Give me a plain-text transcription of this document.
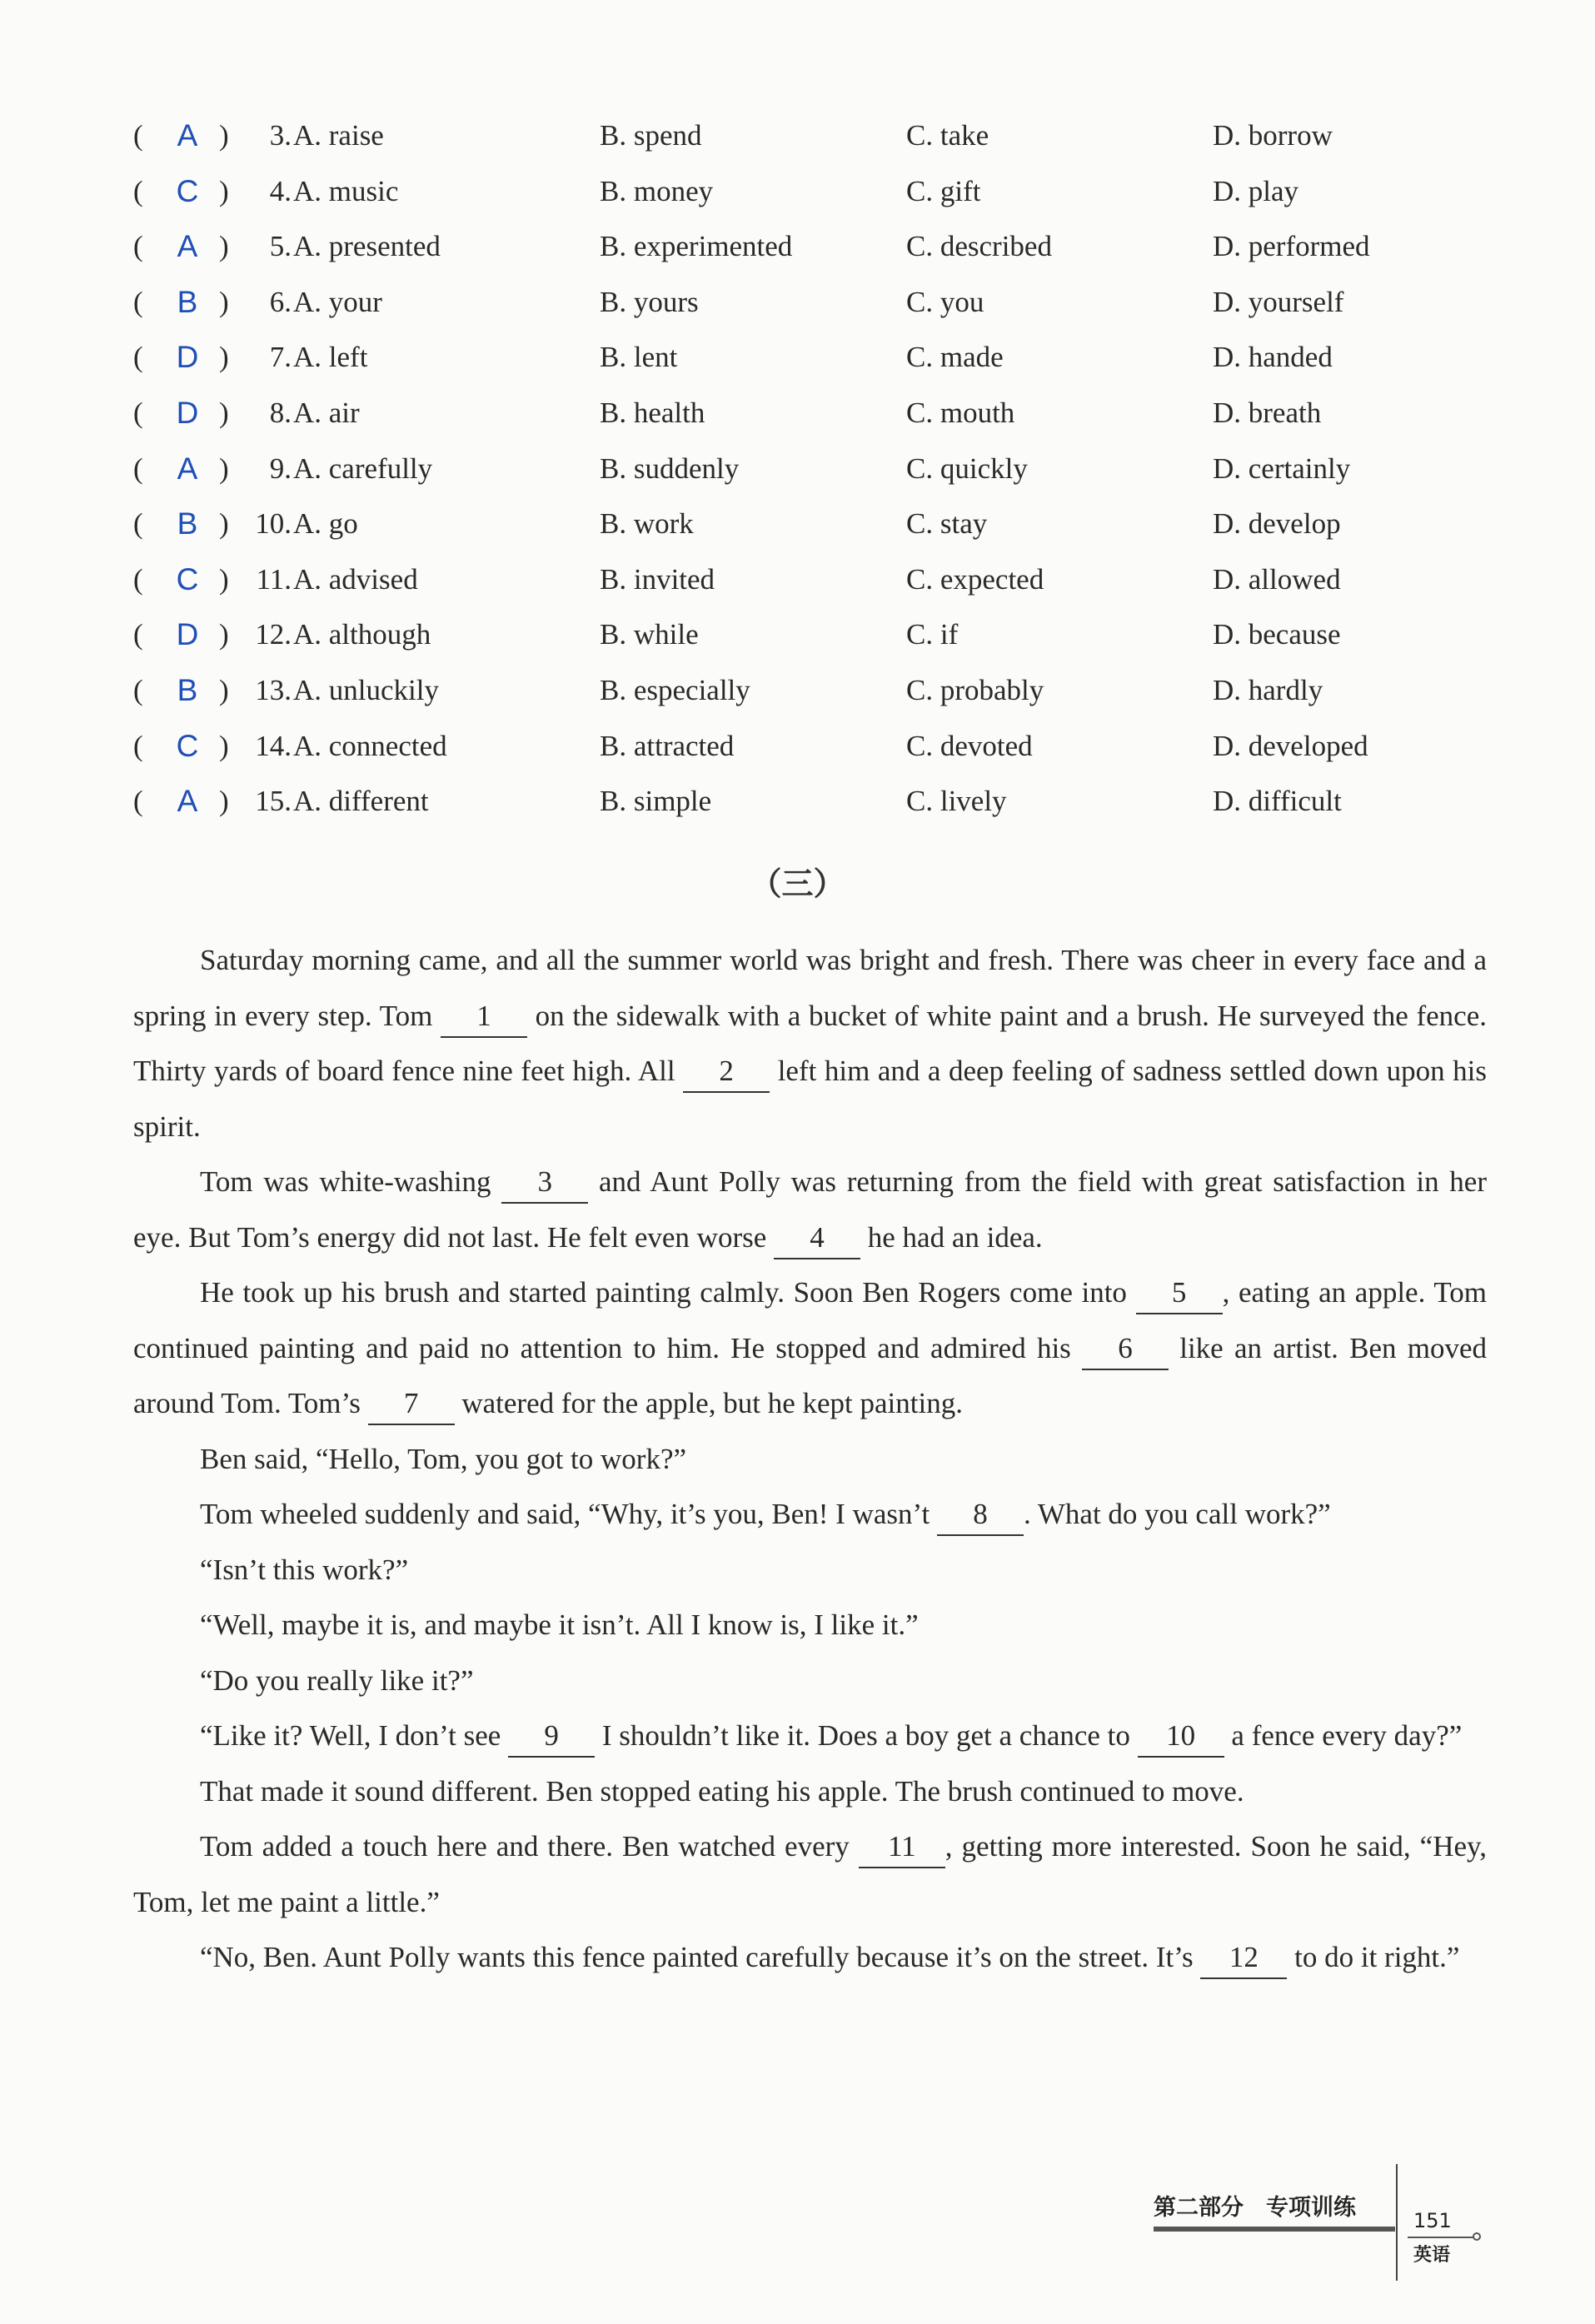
(	A )	3. A. raise	B. spend	C. take	D. borrow
(	C )	4. A. music	B. money	C. gift	D. play
(	A )	5. A. presented	B. experimented	C. described	D. performed
(	B )	6. A. your	B. yours	C. you	D. yourself
(	D )	7. A. left	B. lent	C. made	D. handed
(	D )	8. A. air	B. health	C. mouth	D. breath
(	A )	9. A. carefully	B. suddenly	C. quickly	D. certainly
(	B ) 10. A. go	B. work	C. stay	D. develop
(	C ) 11. A. advised	B. invited	C. expected	D. allowed
(	D ) 12. A. although	B. while	C. if	D. because
(	B ) 13. A. unluckily	B. especially	C. probably	D. hardly
(	C ) 14. A. connected	B. attracted	C. devoted	D. developed
(	A ) 15. A. different	B. simple	C. lively	D. difficult
（三）

Saturday morning came, and all the summer world was bright and fresh. There was cheer in every face and a spring in every step. Tom 1 on the sidewalk with a bucket of white paint and a brush. He surveyed the fence. Thirty yards of board fence nine feet high. All 2 left him and a deep feeling of sadness settled down upon his spirit.

Tom was white-washing 3 and Aunt Polly was returning from the field with great satisfaction in her eye. But Tom’s energy did not last. He felt even worse 4 he had an idea.

He took up his brush and started painting calmly. Soon Ben Rogers come into 5 , eating an apple. Tom continued painting and paid no attention to him. He stopped and admired his 6 like an artist. Ben moved around Tom. Tom’s 7 watered for the apple, but he kept painting.

Ben said, “Hello, Tom, you got to work?”

Tom wheeled suddenly and said, “Why, it’s you, Ben! I wasn’t 8 . What do you call work?”

“Isn’t this work?”

“Well, maybe it is, and maybe it isn’t. All I know is, I like it.”

“Do you really like it?”

“Like it? Well, I don’t see 9 I shouldn’t like it. Does a boy get a chance to 10 a fence every day?”

That made it sound different. Ben stopped eating his apple. The brush continued to move.

Tom added a touch here and there. Ben watched every 11 , getting more interested. Soon he said, “Hey, Tom, let me paint a little.”

“No, Ben. Aunt Polly wants this fence painted carefully because it’s on the street. It’s 12 to do it right.”

第二部分　专项训练	151
英语
